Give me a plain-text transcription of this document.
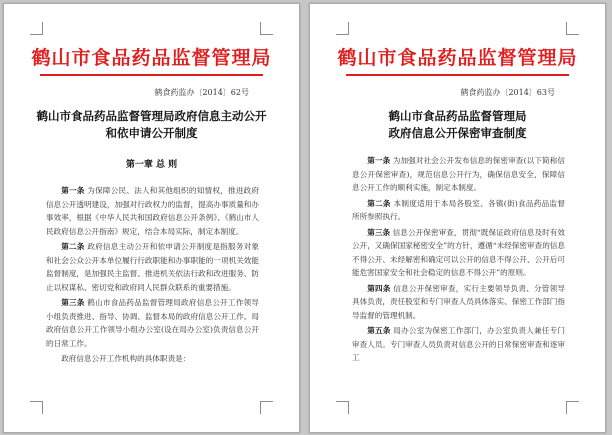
鹤山市食品药品监督管理局
鹤食药监办〔2014〕62号
鹤山市食品药品监督管理局政府信息主动公开
和依申请公开制度
第一章 总 则

第一条 为保障公民、法人和其他组织的知情权，推进政府信息公开透明建设，加强对行政权力的监督，提高办事质量和办事效率，根据《中华人民共和国政府信息公开条例》、《鹤山市人民政府信息公开指南》规定，结合本局实际，制定本制度。

第二条 政府信息主动公开和依申请公开制度是指服务对象和社会公众公开本单位履行行政职能和办事职能的一项机关效能监督制度，是加强民主监督、推进机关依法行政和改进服务、防止以权谋私、密切党和政府同人民群众联系的重要措施。

第三条 鹤山市食品药品监督管理局政府信息公开工作领导小组负责推进、指导、协调、监督本局的政府信息公开工作。局政府信息公开工作领导小组办公室(设在局办公室)负责信息公开的日常工作。

政府信息公开工作机构的具体职责是：

鹤山市食品药品监督管理局
鹤食药监办〔2014〕63号
鹤山市食品药品监督管理局
政府信息公开保密审查制度

第一条 为加强对社会公开发布信息的保密审查(以下简称信息公开保密审查)，规范信息公开行为，确保信息安全，保障信息公开工作的顺利实施，制定本制度。

第二条 本制度适用于本局各股室、各镇(街)食品药品监督所所参照执行。

第三条 信息公开保密审查，贯彻“既保证政府信息及时有效公开，又确保国家秘密安全”的方针，遵循“未经保密审查的信息不得公开、未经解密和确定可以公开的信息不得公开、公开后可能危害国家安全和社会稳定的信息不得公开”的原则。

第四条 信息公开保密审查，实行主要领导负责、分管领导具体负责，责任股室和专门审查人员具体落实、保密工作部门指导监督的管理机制。

第五条 局办公室为保密工作部门，办公室负责人兼任专门审查人员。专门审查人员负责对信息公开的日常保密审查和逐审工
